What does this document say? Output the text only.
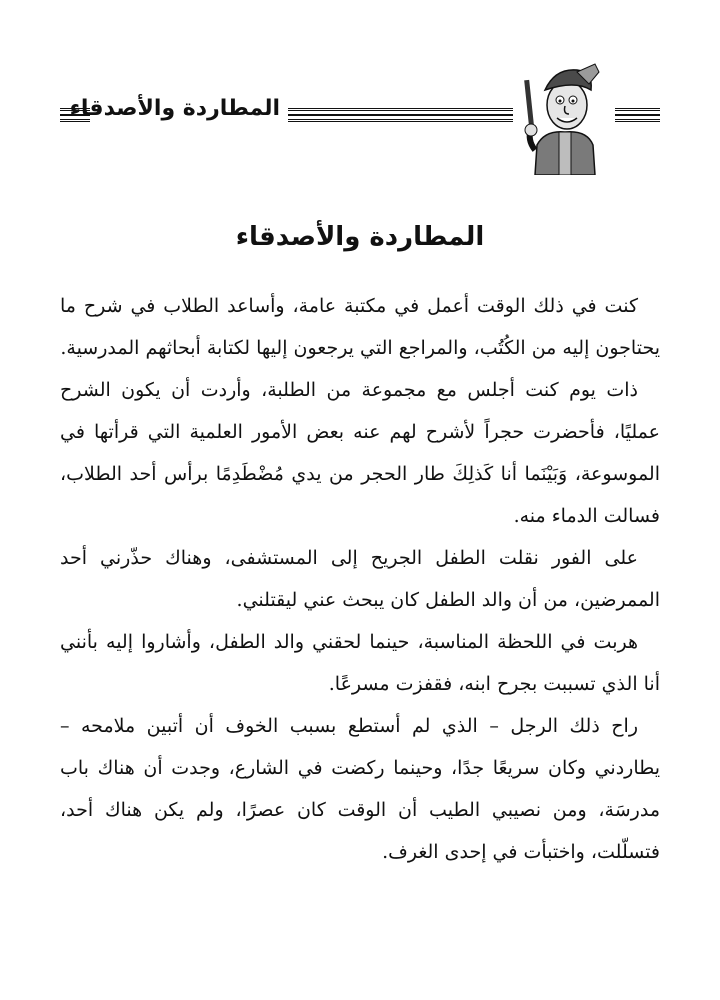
المطاردة والأصدقاء
المطاردة والأصدقاء

كنت في ذلك الوقت أعمل في مكتبة عامة، وأساعد الطلاب في شرح ما يحتاجون إليه من الكُتُب، والمراجع التي يرجعون إليها لكتابة أبحاثهم المدرسية.

ذات يوم كنت أجلس مع مجموعة من الطلبة، وأردت أن يكون الشرح عمليًا، فأحضرت حجراً لأشرح لهم عنه بعض الأمور العلمية التي قرأتها في الموسوعة، وَبَيْنَما أنا كَذلِكَ طار الحجر من يدي مُضْطَدِمًا برأس أحد الطلاب، فسالت الدماء منه.

على الفور نقلت الطفل الجريح إلى المستشفى، وهناك حذّرني أحد الممرضين، من أن والد الطفل كان يبحث عني ليقتلني.

هربت في اللحظة المناسبة، حينما لحقني والد الطفل، وأشاروا إليه بأنني أنا الذي تسببت بجرح ابنه، فقفزت مسرعًا.

راح ذلك الرجل – الذي لم أستطع بسبب الخوف أن أتبين ملامحه – يطاردني وكان سريعًا جدًا، وحينما ركضت في الشارع، وجدت أن هناك باب مدرسَة، ومن نصيبي الطيب أن الوقت كان عصرًا، ولم يكن هناك أحد، فتسلّلت، واختبأت في إحدى الغرف.
